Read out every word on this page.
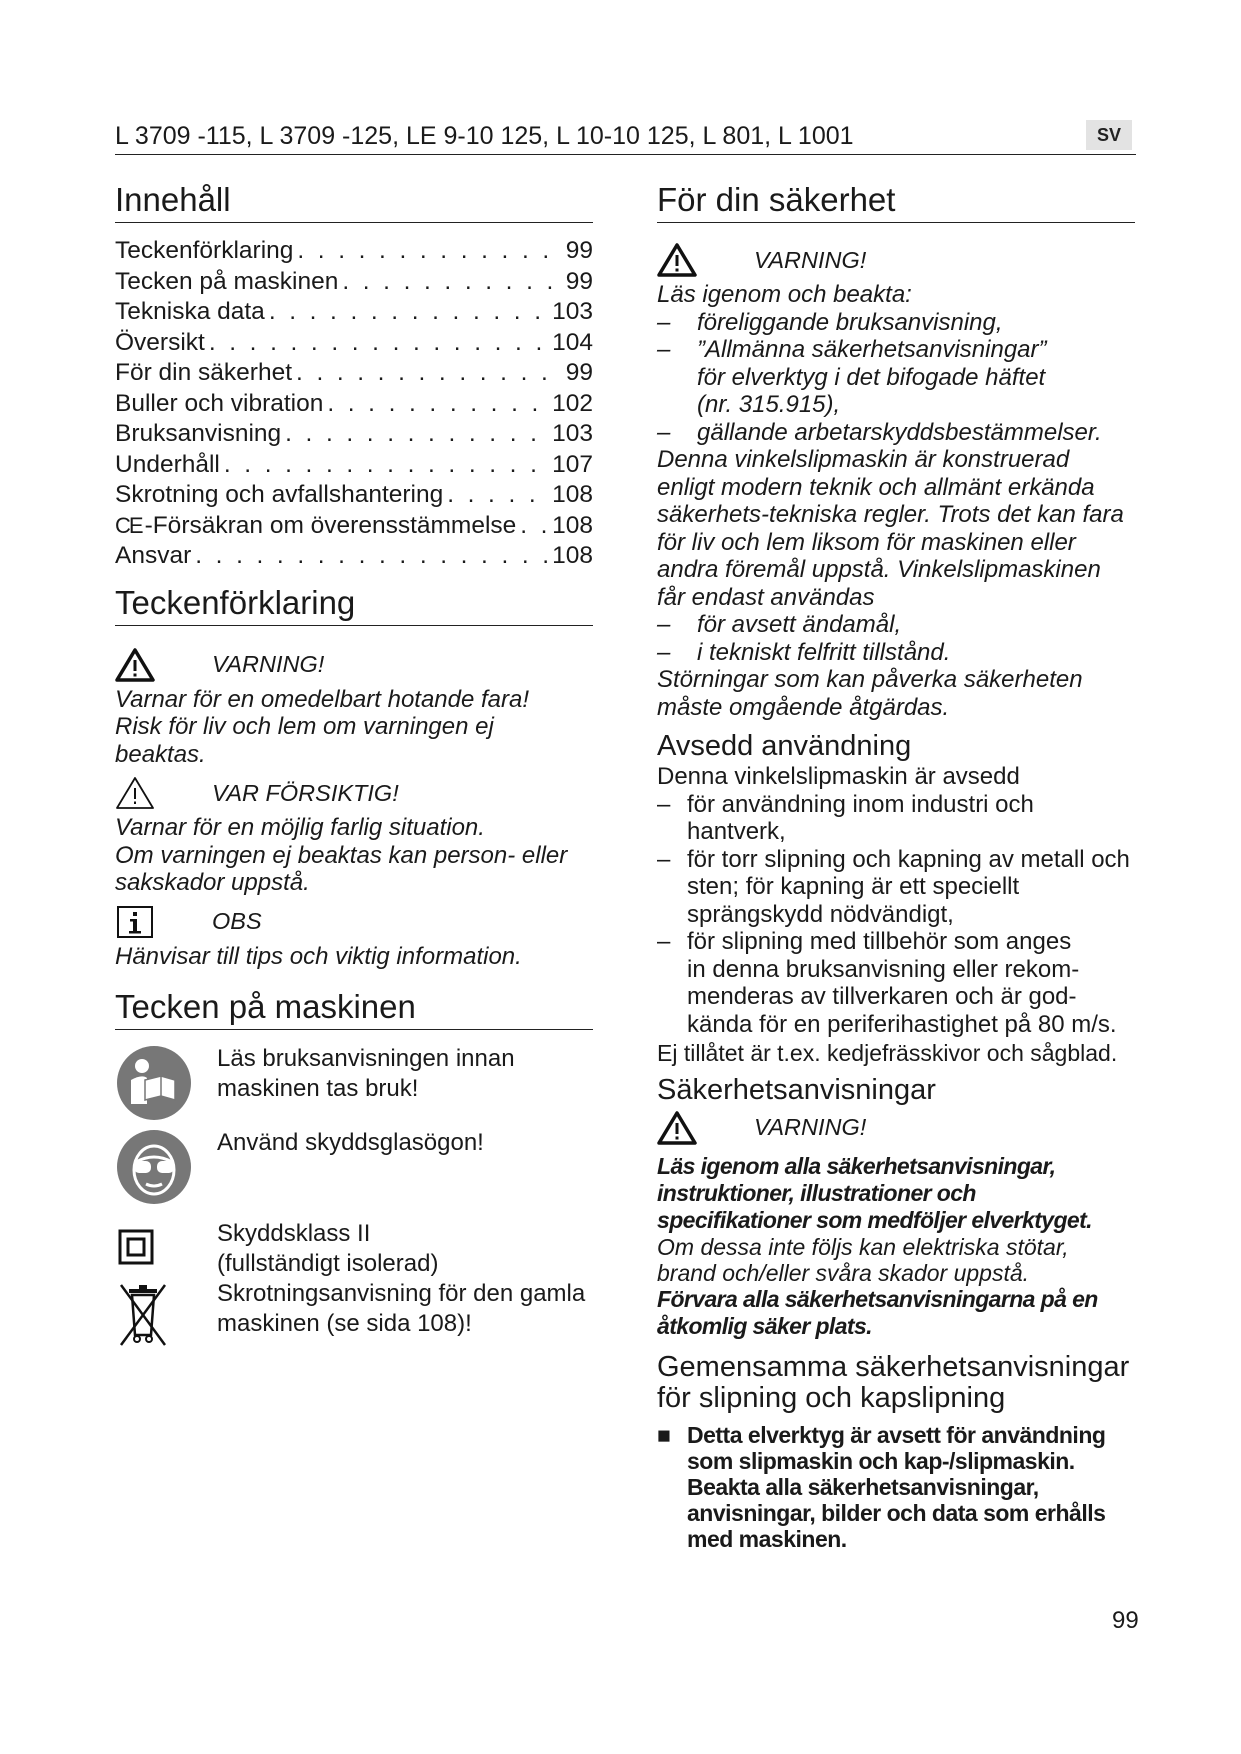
L 3709 -115, L 3709 -125, LE 9-10 125, L 10-10 125, L 801, L 1001	SV
Innehåll
Teckenförklaring . . .	99
Tecken på maskinen . . .	99
Tekniska data . . .	103
Översikt . . .	104
För din säkerhet . . .	99
Buller och vibration . . .	102
Bruksanvisning . . .	103
Underhåll . . .	107
Skrotning och avfallshantering . . .	108
CE -Försäkran om överensstämmelse . . . 108
Ansvar . . .	108
Teckenförklaring
VARNING!
Varnar för en omedelbart hotande fara!
Risk för liv och lem om varningen ej
beaktas.
VAR FÖRSIKTIG!
Varnar för en möjlig farlig situation.
Om varningen ej beaktas kan person- eller
sakskador uppstå.
OBS
Hänvisar till tips och viktig information.
Tecken på maskinen
Läs bruksanvisningen innan
maskinen tas bruk!
Använd skyddsglasögon!
Skyddsklass II
(fullständigt isolerad)
Skrotningsanvisning för den gamla
maskinen (se sida 108)!
För din säkerhet
VARNING!
Läs igenom och beakta:
–	föreliggande bruksanvisning,
–	”Allmänna säkerhetsanvisningar”
för elverktyg i det bifogade häftet
(nr. 315.915),
–	gällande arbetarskyddsbestämmelser.
Denna vinkelslipmaskin är konstruerad
enligt modern teknik och allmänt erkända
säkerhets-tekniska regler. Trots det kan fara
för liv och lem liksom för maskinen eller
andra föremål uppstå. Vinkelslipmaskinen
får endast användas
–	för avsett ändamål,
–	i tekniskt felfritt tillstånd.
Störningar som kan påverka säkerheten
måste omgående åtgärdas.
Avsedd användning
Denna vinkelslipmaskin är avsedd
– för användning inom industri och
hantverk,
– för torr slipning och kapning av metall och
sten; för kapning är ett speciellt
sprängskydd nödvändigt,
– för slipning med tillbehör som anges
in denna bruksanvisning eller rekom-
menderas av tillverkaren och är god-
kända för en periferihastighet på 80 m/s.
Ej tillåtet är t.ex. kedjefrässkivor och sågblad.
Säkerhetsanvisningar
VARNING!
Läs igenom alla säkerhetsanvisningar,
instruktioner, illustrationer och
specifikationer som medföljer elverktyget.
Om dessa inte följs kan elektriska stötar,
brand och/eller svåra skador uppstå.
Förvara alla säkerhetsanvisningarna på en
åtkomlig säker plats.
Gemensamma säkerhetsanvisningar
för slipning och kapslipning
■ Detta elverktyg är avsett för användning
som slipmaskin och kap-/slipmaskin.
Beakta alla säkerhetsanvisningar,
anvisningar, bilder och data som erhålls
med maskinen.
99
